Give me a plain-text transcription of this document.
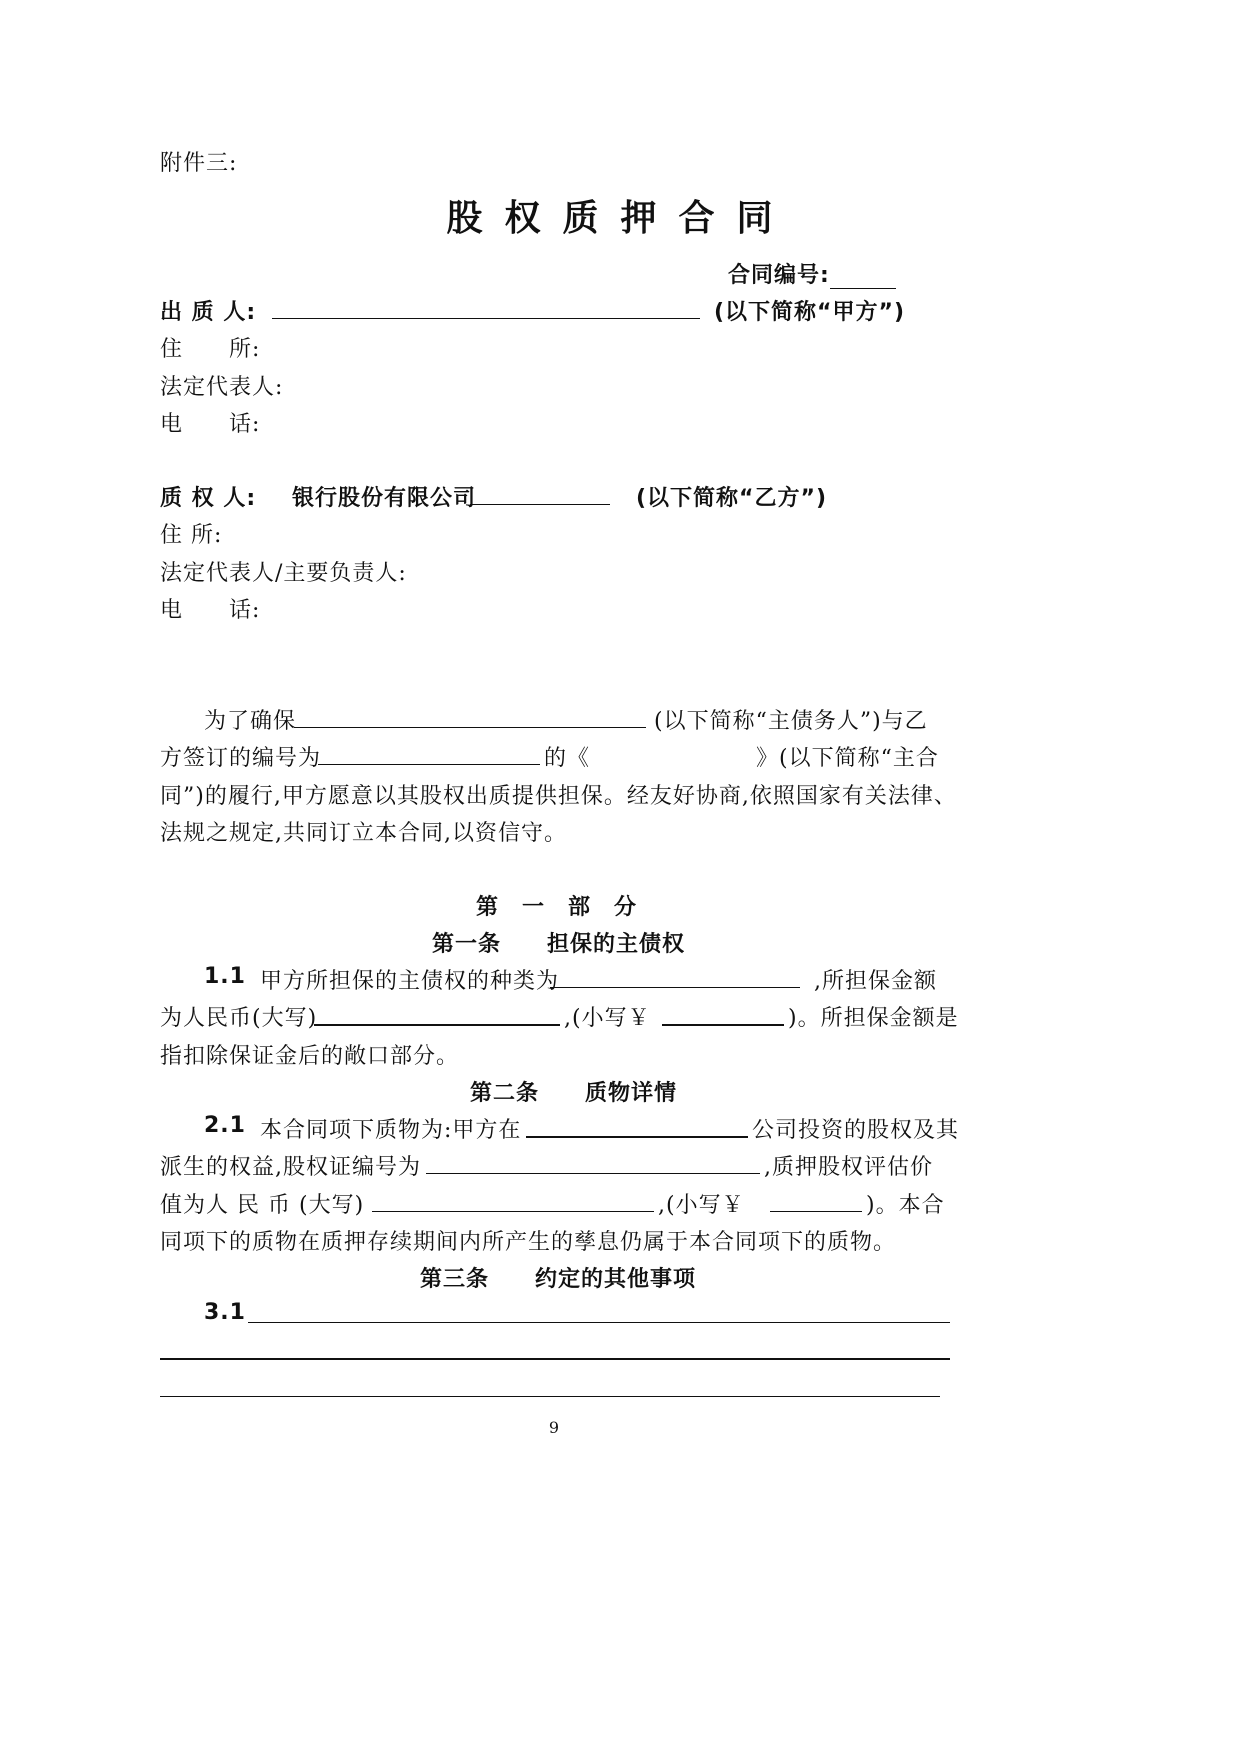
附件三:
股权质押合同
合同编号:
出 质 人:	(以下简称“甲方”)
住　　所:
法定代表人:
电　　话:
质 权 人: 银行股份有限公司	(以下简称“乙方”)
住 所:
法定代表人/主要负责人:
电　　话:
为了确保	(以下简称“主债务人”)与乙
方签订的编号为	的《	》(以下简称“主合
同”)的履行,甲方愿意以其股权出质提供担保。经友好协商,依照国家有关法律、
法规之规定,共同订立本合同,以资信守。
第　一　部　分
第一条　　担保的主债权
1.1 甲方所担保的主债权的种类为	,所担保金额
为人民币(大写)	,(小写￥	)。所担保金额是
指扣除保证金后的敞口部分。
第二条　　质物详情
2.1 本合同项下质物为:甲方在	公司投资的股权及其
派生的权益,股权证编号为	,质押股权评估价
值为人 民 币 (大写)	,(小写￥	)。本合
同项下的质物在质押存续期间内所产生的孳息仍属于本合同项下的质物。
第三条　　约定的其他事项
3.1
9
